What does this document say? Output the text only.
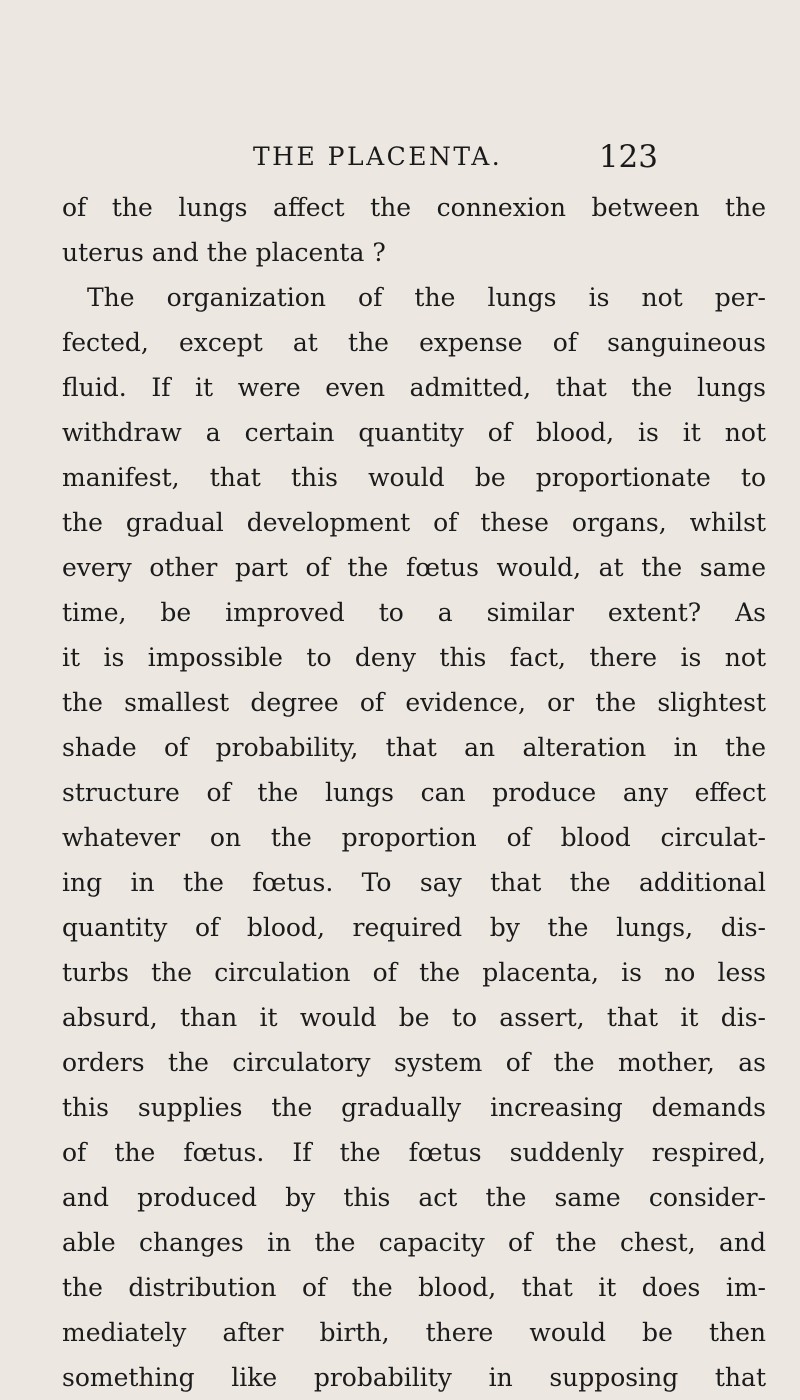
THE PLACENTA.	123
of the lungs affect the connexion between the
uterus and the placenta ?
The organization of the lungs is not per-
fected, except at the expense of sanguineous
fluid. If it were even admitted, that the lungs
withdraw a certain quantity of blood, is it not
manifest, that this would be proportionate to
the gradual development of these organs, whilst
every other part of the fœtus would, at the same
time, be improved to a similar extent? As
it is impossible to deny this fact, there is not
the smallest degree of evidence, or the slightest
shade of probability, that an alteration in the
structure of the lungs can produce any effect
whatever on the proportion of blood circulat-
ing in the fœtus. To say that the additional
quantity of blood, required by the lungs, dis-
turbs the circulation of the placenta, is no less
absurd, than it would be to assert, that it dis-
orders the circulatory system of the mother, as
this supplies the gradually increasing demands
of the fœtus. If the fœtus suddenly respired,
and produced by this act the same consider-
able changes in the capacity of the chest, and
the distribution of the blood, that it does im-
mediately after birth, there would be then
something like probability in supposing that
